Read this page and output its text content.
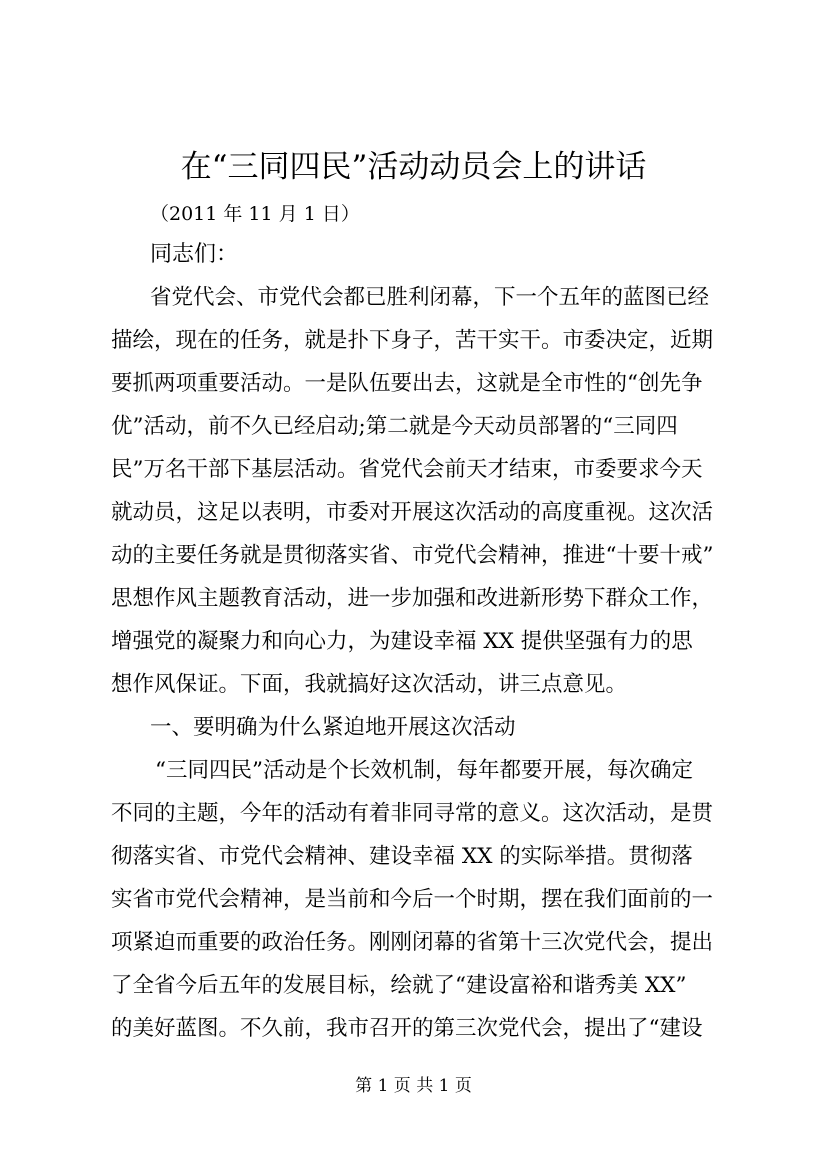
在“三同四民”活动动员会上的讲话
（2011 年 11 月 1 日）
同志们：
省党代会、市党代会都已胜利闭幕，下一个五年的蓝图已经
描绘，现在的任务，就是扑下身子，苦干实干。市委决定，近期
要抓两项重要活动。一是队伍要出去，这就是全市性的“创先争
优”活动，前不久已经启动;第二就是今天动员部署的“三同四
民”万名干部下基层活动。省党代会前天才结束，市委要求今天
就动员，这足以表明，市委对开展这次活动的高度重视。这次活
动的主要任务就是贯彻落实省、市党代会精神，推进“十要十戒”
思想作风主题教育活动，进一步加强和改进新形势下群众工作，
增强党的凝聚力和向心力，为建设幸福 XX 提供坚强有力的思
想作风保证。下面，我就搞好这次活动，讲三点意见。
一、要明确为什么紧迫地开展这次活动
“三同四民”活动是个长效机制，每年都要开展，每次确定
不同的主题，今年的活动有着非同寻常的意义。这次活动，是贯
彻落实省、市党代会精神、建设幸福 XX 的实际举措。贯彻落
实省市党代会精神，是当前和今后一个时期，摆在我们面前的一
项紧迫而重要的政治任务。刚刚闭幕的省第十三次党代会，提出
了全省今后五年的发展目标，绘就了“建设富裕和谐秀美 XX”
的美好蓝图。不久前，我市召开的第三次党代会，提出了“建设
第 1 页 共 1 页
